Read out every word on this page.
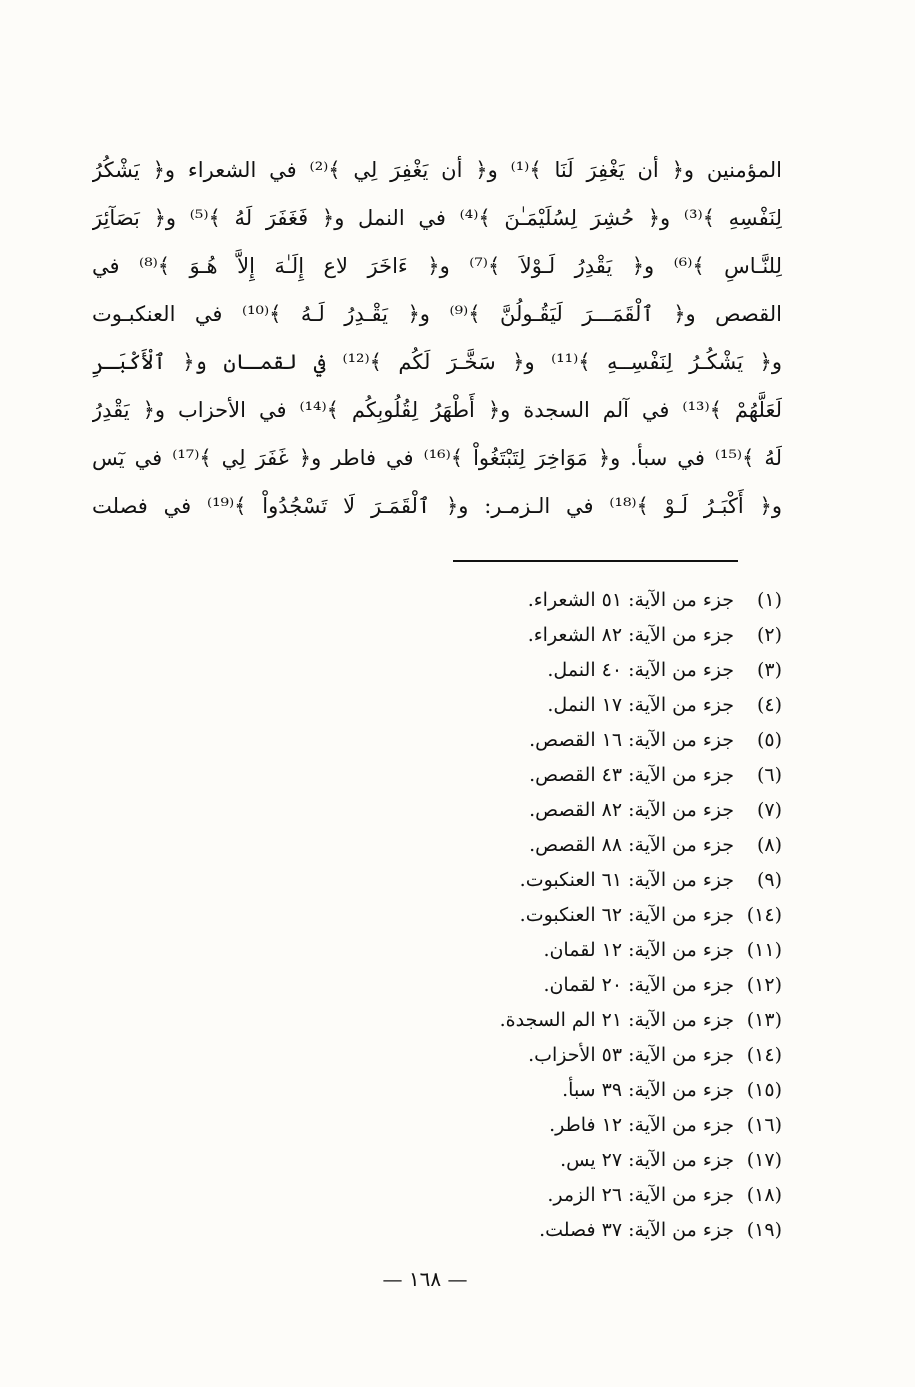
المؤمنين و﴿ أن يَغْفِرَ لَنَا ﴾⁽¹⁾ و﴿ أن يَغْفِرَ لِي ﴾⁽²⁾ في الشعراء و﴿ يَشْكُرُ
لِنَفْسِهِ ﴾⁽³⁾ و﴿ حُشِرَ لِسُلَيْمَـٰنَ ﴾⁽⁴⁾ في النمل و﴿ فَغَفَرَ لَهُ ﴾⁽⁵⁾ و﴿ بَصَآئِرَ
لِلنَّـاسِ ﴾⁽⁶⁾ و﴿ يَقْدِرُ لَـوْلاَ ﴾⁽⁷⁾ و﴿ ءَاخَرَ لاع إِلَـٰهَ إِلاَّ هُـوَ ﴾⁽⁸⁾ في
القصص و﴿ ٱلْقَمَـــرَ لَيَقُـولُنَّ ﴾⁽⁹⁾ و﴿ يَقْـدِرُ لَـهُ ﴾⁽¹⁰⁾ في العنكبـوت
و﴿ يَشْكُـرُ لِنَفْسِــهِ ﴾⁽¹¹⁾ و﴿ سَخَّـرَ لَكُم ﴾⁽¹²⁾ في لقمـان و﴿ ٱلْأَكْبَـرِ
لَعَلَّهُمْ ﴾⁽¹³⁾ في آلم السجدة و﴿ أَطْهَرُ لِقُلُوبِكُم ﴾⁽¹⁴⁾ في الأحزاب و﴿ يَقْدِرُ
لَهُ ﴾⁽¹⁵⁾ في سبأ. و﴿ مَوَاخِرَ لِتَبْتَغُواْ ﴾⁽¹⁶⁾ في فاطر و﴿ غَفَرَ لِي ﴾⁽¹⁷⁾ في يٓس
و﴿ أَكْبَـرُ لَـوْ ﴾⁽¹⁸⁾ في الـزمـر: و﴿ ٱلْقَمَـرَ لَا تَسْجُدُواْ ﴾⁽¹⁹⁾ في فصلت
(١)
جزء من الآية: ٥١ الشعراء.
(٢)
جزء من الآية: ٨٢ الشعراء.
(٣)
جزء من الآية: ٤٠ النمل.
(٤)
جزء من الآية: ١٧ النمل.
(٥)
جزء من الآية: ١٦ القصص.
(٦)
جزء من الآية: ٤٣ القصص.
(٧)
جزء من الآية: ٨٢ القصص.
(٨)
جزء من الآية: ٨٨ القصص.
(٩)
جزء من الآية: ٦١ العنكبوت.
(١٤)
جزء من الآية: ٦٢ العنكبوت.
(١١)
جزء من الآية: ١٢ لقمان.
(١٢)
جزء من الآية: ٢٠ لقمان.
(١٣)
جزء من الآية: ٢١ الم السجدة.
(١٤)
جزء من الآية: ٥٣ الأحزاب.
(١٥)
جزء من الآية: ٣٩ سبأ.
(١٦)
جزء من الآية: ١٢ فاطر.
(١٧)
جزء من الآية: ٢٧ يس.
(١٨)
جزء من الآية: ٢٦ الزمر.
(١٩)
جزء من الآية: ٣٧ فصلت.
— ١٦٨ —
